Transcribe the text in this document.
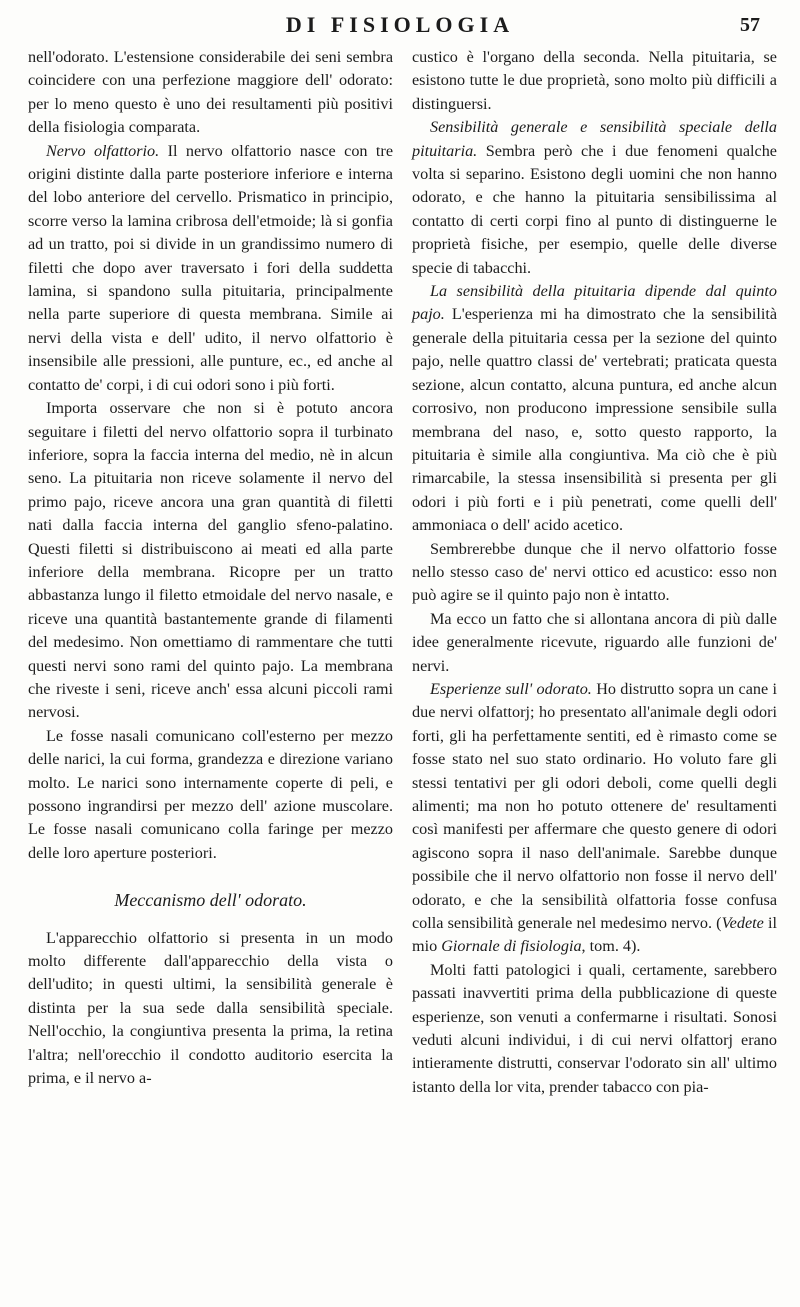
DI FISIOLOGIA	57

nell'odorato. L'estensione considerabile dei seni sembra coincidere con una perfezione maggiore dell' odorato: per lo meno questo è uno dei resultamenti più positivi della fisiologia comparata.

Nervo olfattorio. Il nervo olfattorio nasce con tre origini distinte dalla parte posteriore inferiore e interna del lobo anteriore del cervello. Prismatico in principio, scorre verso la lamina cribrosa dell'etmoide; là si gonfia ad un tratto, poi si divide in un grandissimo numero di filetti che dopo aver traversato i fori della suddetta lamina, si spandono sulla pituitaria, principalmente nella parte superiore di questa membrana. Simile ai nervi della vista e dell' udito, il nervo olfattorio è insensibile alle pressioni, alle punture, ec., ed anche al contatto de' corpi, i di cui odori sono i più forti.

Importa osservare che non si è potuto ancora seguitare i filetti del nervo olfattorio sopra il turbinato inferiore, sopra la faccia interna del medio, nè in alcun seno. La pituitaria non riceve solamente il nervo del primo pajo, riceve ancora una gran quantità di filetti nati dalla faccia interna del ganglio sfeno-palatino. Questi filetti si distribuiscono ai meati ed alla parte inferiore della membrana. Ricopre per un tratto abbastanza lungo il filetto etmoidale del nervo nasale, e riceve una quantità bastantemente grande di filamenti del medesimo. Non omettiamo di rammentare che tutti questi nervi sono rami del quinto pajo. La membrana che riveste i seni, riceve anch' essa alcuni piccoli rami nervosi.

Le fosse nasali comunicano coll'esterno per mezzo delle narici, la cui forma, grandezza e direzione variano molto. Le narici sono internamente coperte di peli, e possono ingrandirsi per mezzo dell' azione muscolare. Le fosse nasali comunicano colla faringe per mezzo delle loro aperture posteriori.

Meccanismo dell' odorato.

L'apparecchio olfattorio si presenta in un modo molto differente dall'apparecchio della vista o dell'udito; in questi ultimi, la sensibilità generale è distinta per la sua sede dalla sensibilità speciale. Nell'occhio, la congiuntiva presenta la prima, la retina l'altra; nell'orecchio il condotto auditorio esercita la prima, e il nervo a-

custico è l'organo della seconda. Nella pituitaria, se esistono tutte le due proprietà, sono molto più difficili a distinguersi.

Sensibilità generale e sensibilità speciale della pituitaria. Sembra però che i due fenomeni qualche volta si separino. Esistono degli uomini che non hanno odorato, e che hanno la pituitaria sensibilissima al contatto di certi corpi fino al punto di distinguerne le proprietà fisiche, per esempio, quelle delle diverse specie di tabacchi.

La sensibilità della pituitaria dipende dal quinto pajo. L'esperienza mi ha dimostrato che la sensibilità generale della pituitaria cessa per la sezione del quinto pajo, nelle quattro classi de' vertebrati; praticata questa sezione, alcun contatto, alcuna puntura, ed anche alcun corrosivo, non producono impressione sensibile sulla membrana del naso, e, sotto questo rapporto, la pituitaria è simile alla congiuntiva. Ma ciò che è più rimarcabile, la stessa insensibilità si presenta per gli odori i più forti e i più penetrati, come quelli dell' ammoniaca o dell' acido acetico.

Sembrerebbe dunque che il nervo olfattorio fosse nello stesso caso de' nervi ottico ed acustico: esso non può agire se il quinto pajo non è intatto.

Ma ecco un fatto che si allontana ancora di più dalle idee generalmente ricevute, riguardo alle funzioni de' nervi.

Esperienze sull' odorato. Ho distrutto sopra un cane i due nervi olfattorj; ho presentato all'animale degli odori forti, gli ha perfettamente sentiti, ed è rimasto come se fosse stato nel suo stato ordinario. Ho voluto fare gli stessi tentativi per gli odori deboli, come quelli degli alimenti; ma non ho potuto ottenere de' resultamenti così manifesti per affermare che questo genere di odori agiscono sopra il naso dell'animale. Sarebbe dunque possibile che il nervo olfattorio non fosse il nervo dell' odorato, e che la sensibilità olfattoria fosse confusa colla sensibilità generale nel medesimo nervo. (Vedete il mio Giornale di fisiologia, tom. 4).

Molti fatti patologici i quali, certamente, sarebbero passati inavvertiti prima della pubblicazione di queste esperienze, son venuti a confermarne i risultati. Sonosi veduti alcuni individui, i di cui nervi olfattorj erano intieramente distrutti, conservar l'odorato sin all' ultimo istanto della lor vita, prender tabacco con pia-
